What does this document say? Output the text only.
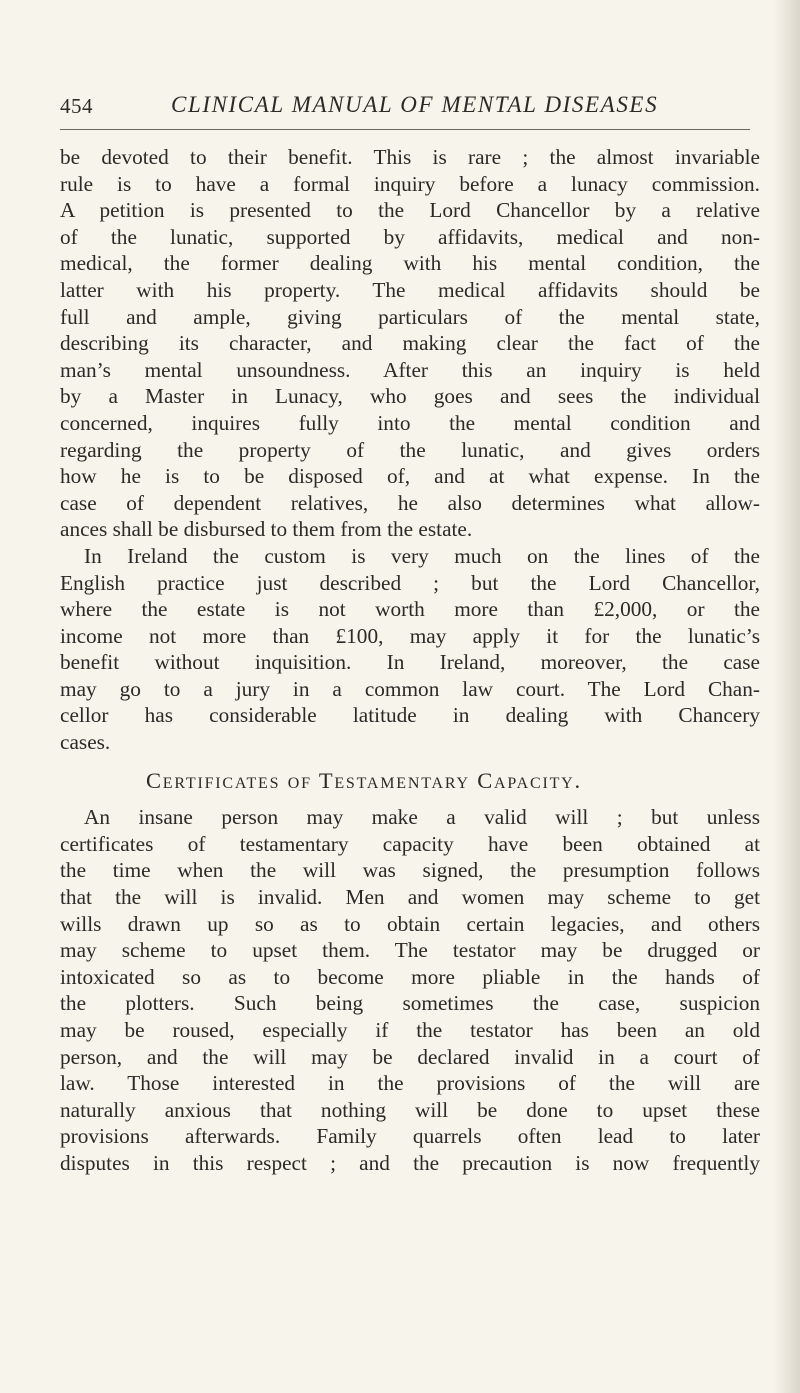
454	CLINICAL MANUAL OF MENTAL DISEASES
be devoted to their benefit. This is rare ; the almost invariable
rule is to have a formal inquiry before a lunacy commission.
A petition is presented to the Lord Chancellor by a relative
of the lunatic, supported by affidavits, medical and non-
medical, the former dealing with his mental condition, the
latter with his property. The medical affidavits should be
full and ample, giving particulars of the mental state,
describing its character, and making clear the fact of the
man’s mental unsoundness. After this an inquiry is held
by a Master in Lunacy, who goes and sees the individual
concerned, inquires fully into the mental condition and
regarding the property of the lunatic, and gives orders
how he is to be disposed of, and at what expense. In the
case of dependent relatives, he also determines what allow-
ances shall be disbursed to them from the estate.
In Ireland the custom is very much on the lines of the
English practice just described ; but the Lord Chancellor,
where the estate is not worth more than £2,000, or the
income not more than £100, may apply it for the lunatic’s
benefit without inquisition. In Ireland, moreover, the case
may go to a jury in a common law court. The Lord Chan-
cellor has considerable latitude in dealing with Chancery
cases.
Certificates of Testamentary Capacity.
An insane person may make a valid will ; but unless
certificates of testamentary capacity have been obtained at
the time when the will was signed, the presumption follows
that the will is invalid. Men and women may scheme to get
wills drawn up so as to obtain certain legacies, and others
may scheme to upset them. The testator may be drugged or
intoxicated so as to become more pliable in the hands of
the plotters. Such being sometimes the case, suspicion
may be roused, especially if the testator has been an old
person, and the will may be declared invalid in a court of
law. Those interested in the provisions of the will are
naturally anxious that nothing will be done to upset these
provisions afterwards. Family quarrels often lead to later
disputes in this respect ; and the precaution is now frequently
